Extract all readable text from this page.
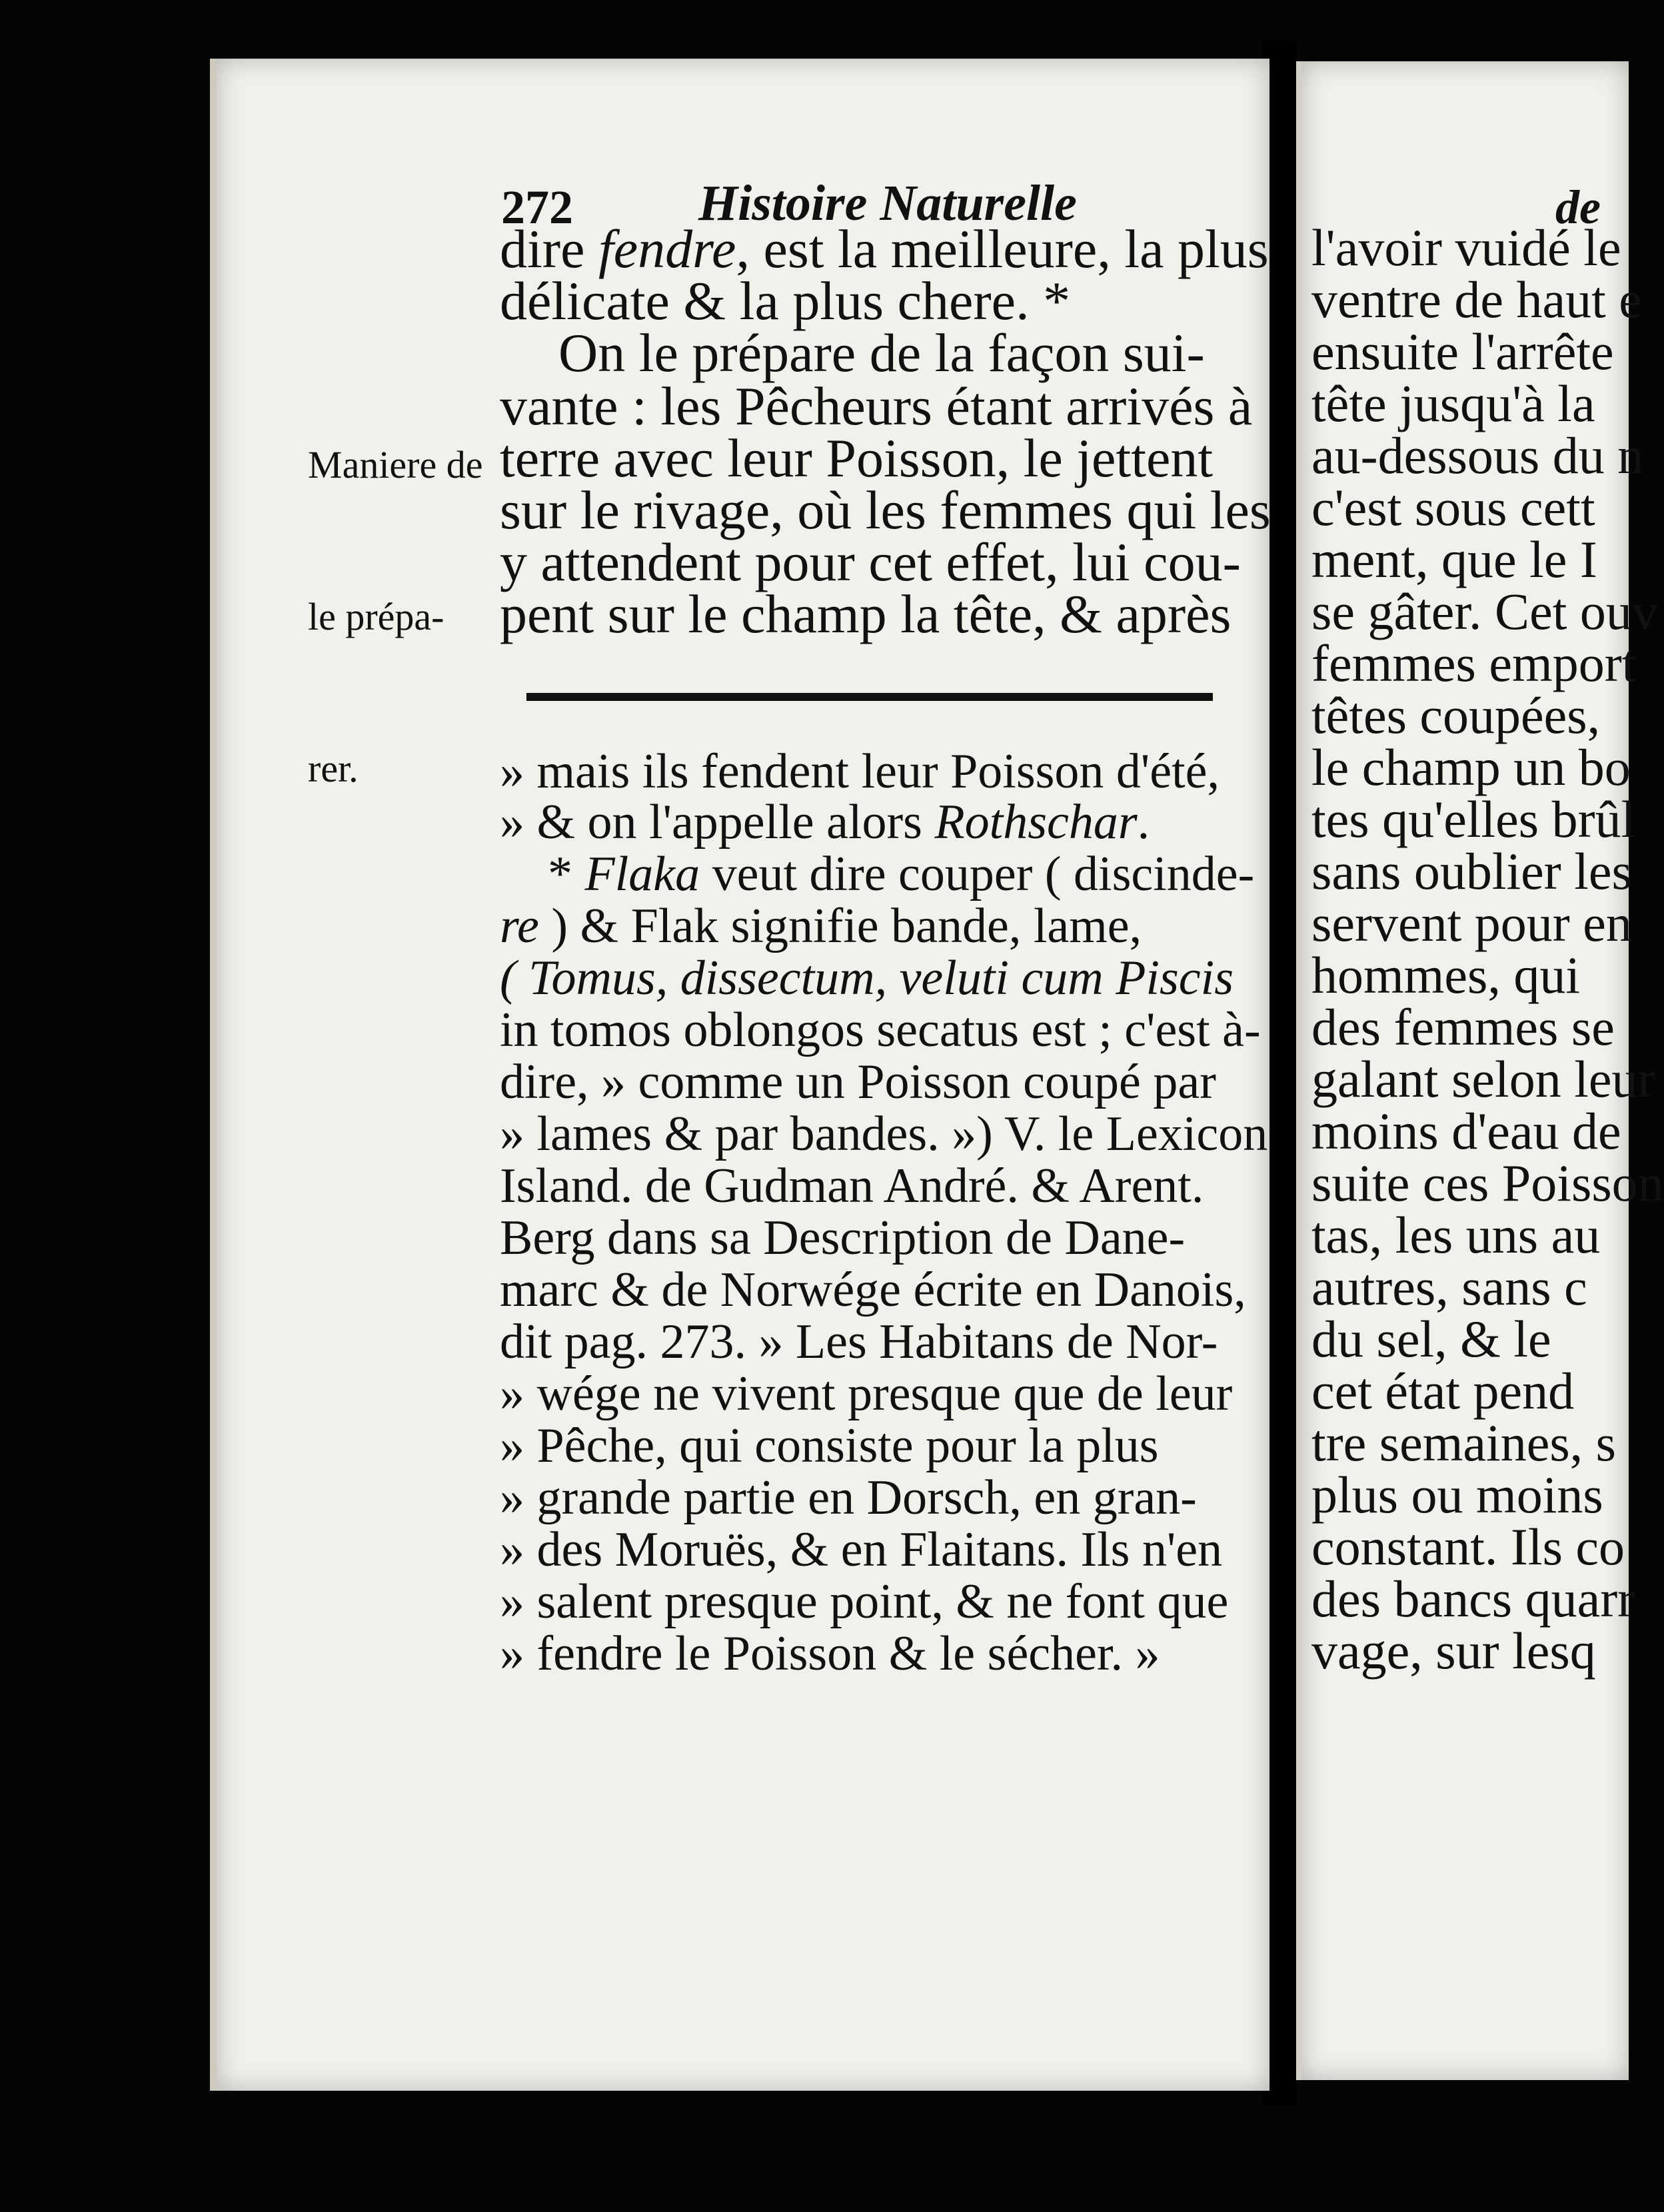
272 Histoire Naturelle

Maniere de

le prépa-

rer.

dire fendre, est la meilleure, la plus
délicate & la plus chere. *
On le prépare de la façon sui-
vante : les Pêcheurs étant arrivés à
terre avec leur Poisson, le jettent
sur le rivage, où les femmes qui les
y attendent pour cet effet, lui cou-
pent sur le champ la tête, & après
» mais ils fendent leur Poisson d'été,
» & on l'appelle alors Rothschar.
* Flaka veut dire couper ( discinde-
re ) & Flak signifie bande, lame,
( Tomus, dissectum, veluti cum Piscis
in tomos oblongos secatus est ; c'est à-
dire, » comme un Poisson coupé par
» lames & par bandes. ») V. le Lexicon
Island. de Gudman André. & Arent.
Berg dans sa Description de Dane-
marc & de Norwége écrite en Danois,
dit pag. 273. » Les Habitans de Nor-
» wége ne vivent presque que de leur
» Pêche, qui consiste pour la plus
» grande partie en Dorsch, en gran-
» des Moruës, & en Flaitans. Ils n'en
» salent presque point, & ne font que
» fendre le Poisson & le sécher. »
de
l'avoir vuidé le
ventre de haut e
ensuite l'arrête
tête jusqu'à la
au-dessous du n
c'est sous cett
ment, que le I
se gâter. Cet ouv
femmes emport
têtes coupées,
le champ un bo
tes qu'elles brûl
sans oublier les
servent pour en
hommes, qui
des femmes se
galant selon leur
moins d'eau de
suite ces Poisson
tas, les uns au
autres, sans c
du sel, & le
cet état pend
tre semaines, s
plus ou moins
constant. Ils co
des bancs quarr
vage, sur lesq
